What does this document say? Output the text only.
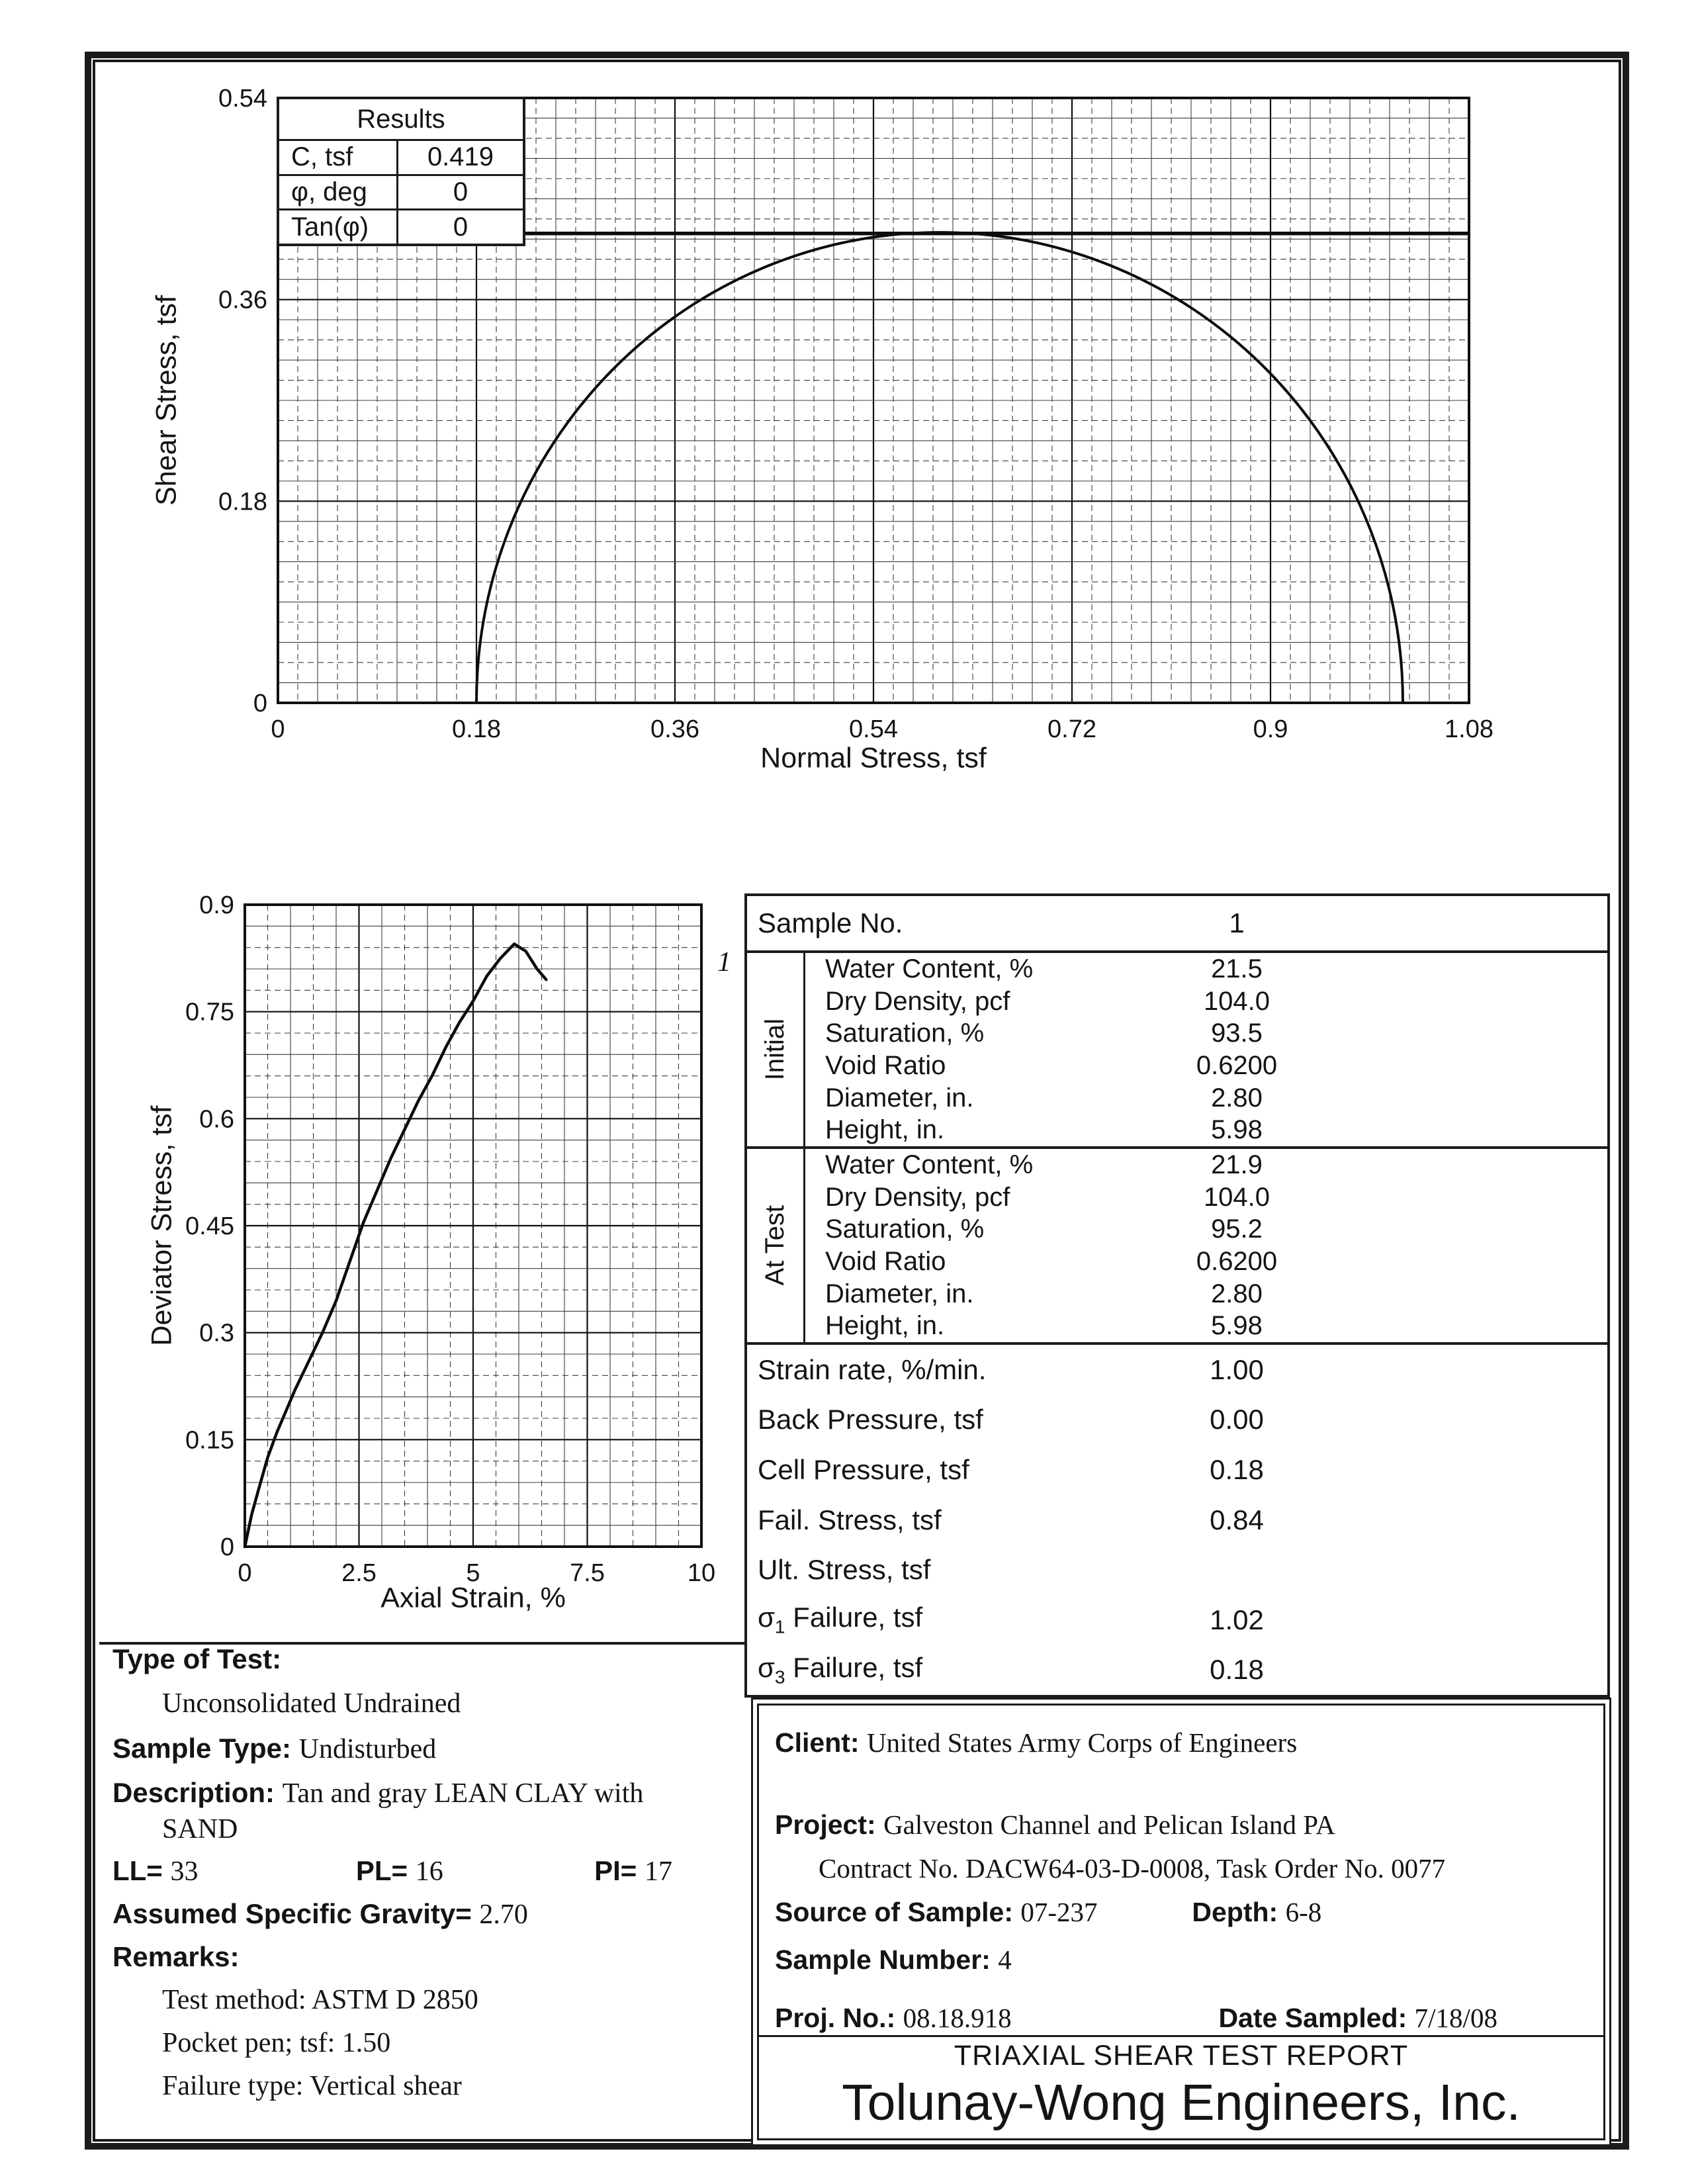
0	0.18	0.36	0.54	0.72	0.9	1.08
0
0.18
0.36
0.54
Shear Stress, tsf
Normal Stress, tsf
Results
C, tsf	0.419
φ, deg	0
Tan(φ)	0
0	2.5	5	7.5	10
0
0.15
0.3
0.45
0.6
0.75
0.9
1
Deviator Stress, tsf
Axial Strain, %
Sample No.	1
Initial
Water Content, %	21.5
Dry Density, pcf	104.0
Saturation, %	93.5
Void Ratio	0.6200
Diameter, in.	2.80
Height, in.	5.98
At Test
Water Content, %	21.9
Dry Density, pcf	104.0
Saturation, %	95.2
Void Ratio	0.6200
Diameter, in.	2.80
Height, in.	5.98
Strain rate, %/min.	1.00
Back Pressure, tsf	0.00
Cell Pressure, tsf	0.18
Fail. Stress, tsf	0.84
Ult. Stress, tsf
$\sigma_1$ Failure, tsf	1.02
$\sigma_3$ Failure, tsf	0.18
Type of Test:
Unconsolidated Undrained
Sample Type: Undisturbed
Description: Tan and gray LEAN CLAY with
SAND
LL= 33	PL= 16	PI= 17
Assumed Specific Gravity= 2.70
Remarks:
Test method: ASTM D 2850
Pocket pen; tsf: 1.50
Failure type: Vertical shear
Client: United States Army Corps of Engineers
Project: Galveston Channel and Pelican Island PA
Contract No. DACW64-03-D-0008, Task Order No. 0077
Source of Sample: 07-237	Depth: 6-8
Sample Number: 4
Proj. No.: 08.18.918	Date Sampled: 7/18/08
TRIAXIAL SHEAR TEST REPORT
Tolunay-Wong Engineers, Inc.
